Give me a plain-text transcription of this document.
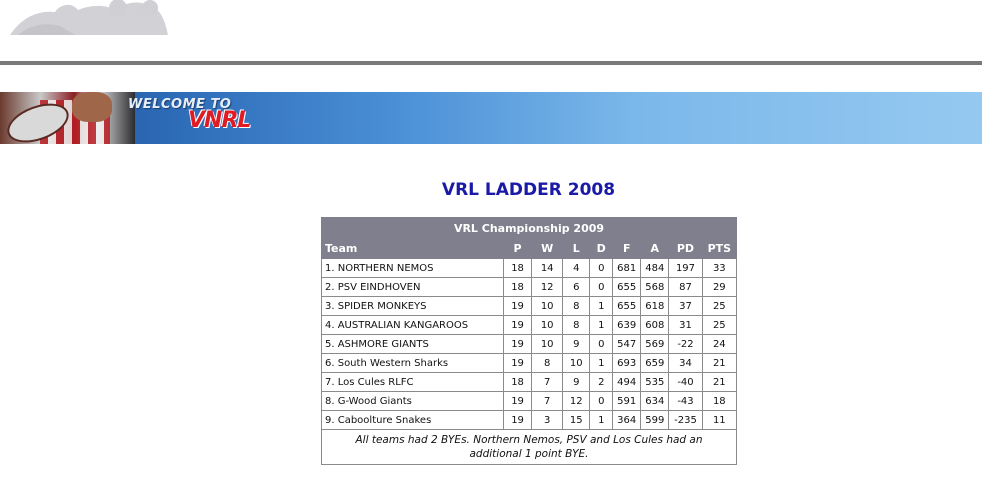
WELCOME TO
VNRL
VRL LADDER 2008
VRL Championship 2009								
Team	P	W	L	D	F	A	PD	PTS
1. NORTHERN NEMOS	18	14	4	0	681	484	197	33
2. PSV EINDHOVEN	18	12	6	0	655	568	87	29
3. SPIDER MONKEYS	19	10	8	1	655	618	37	25
4. AUSTRALIAN KANGAROOS	19	10	8	1	639	608	31	25
5. ASHMORE GIANTS	19	10	9	0	547	569	-22	24
6. South Western Sharks	19	8	10	1	693	659	34	21
7. Los Cules RLFC	18	7	9	2	494	535	-40	21
8. G-Wood Giants	19	7	12	0	591	634	-43	18
9. Caboolture Snakes	19	3	15	1	364	599	-235	11
All teams had 2 BYEs. Northern Nemos, PSV and Los Cules had an additional 1 point BYE.								
